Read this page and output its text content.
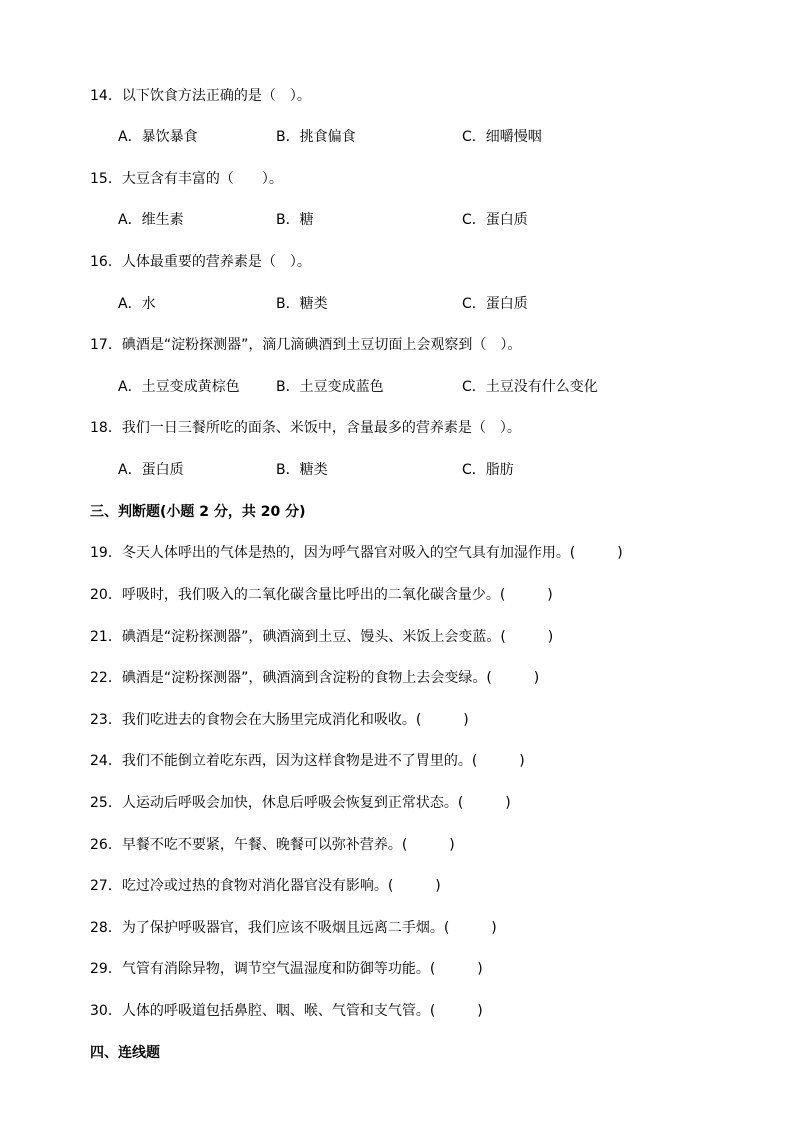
14．以下饮食方法正确的是（　）。
A．暴饮暴食	B．挑食偏食	C．细嚼慢咽
15．大豆含有丰富的（　　）。
A．维生素	B．糖	C．蛋白质
16．人体最重要的营养素是（　）。
A．水	B．糖类	C．蛋白质
17．碘酒是“淀粉探测器”，滴几滴碘酒到土豆切面上会观察到（　）。
A．土豆变成黄棕色	B．土豆变成蓝色	C．土豆没有什么变化
18．我们一日三餐所吃的面条、米饭中，含量最多的营养素是（　）。
A．蛋白质	B．糖类	C．脂肪
三、判断题(小题 2 分，共 20 分)
19．冬天人体呼出的气体是热的，因为呼气器官对吸入的空气具有加湿作用。(　　　)
20．呼吸时，我们吸入的二氧化碳含量比呼出的二氧化碳含量少。(　　　)
21．碘酒是“淀粉探测器”，碘酒滴到土豆、馒头、米饭上会变蓝。(　　　)
22．碘酒是“淀粉探测器”，碘酒滴到含淀粉的食物上去会变绿。(　　　)
23．我们吃进去的食物会在大肠里完成消化和吸收。(　　　)
24．我们不能倒立着吃东西，因为这样食物是进不了胃里的。(　　　)
25．人运动后呼吸会加快，休息后呼吸会恢复到正常状态。(　　　)
26．早餐不吃不要紧，午餐、晚餐可以弥补营养。(　　　)
27．吃过冷或过热的食物对消化器官没有影响。(　　　)
28．为了保护呼吸器官，我们应该不吸烟且远离二手烟。(　　　)
29．气管有消除异物，调节空气温湿度和防御等功能。(　　　)
30．人体的呼吸道包括鼻腔、咽、喉、气管和支气管。(　　　)
四、连线题
